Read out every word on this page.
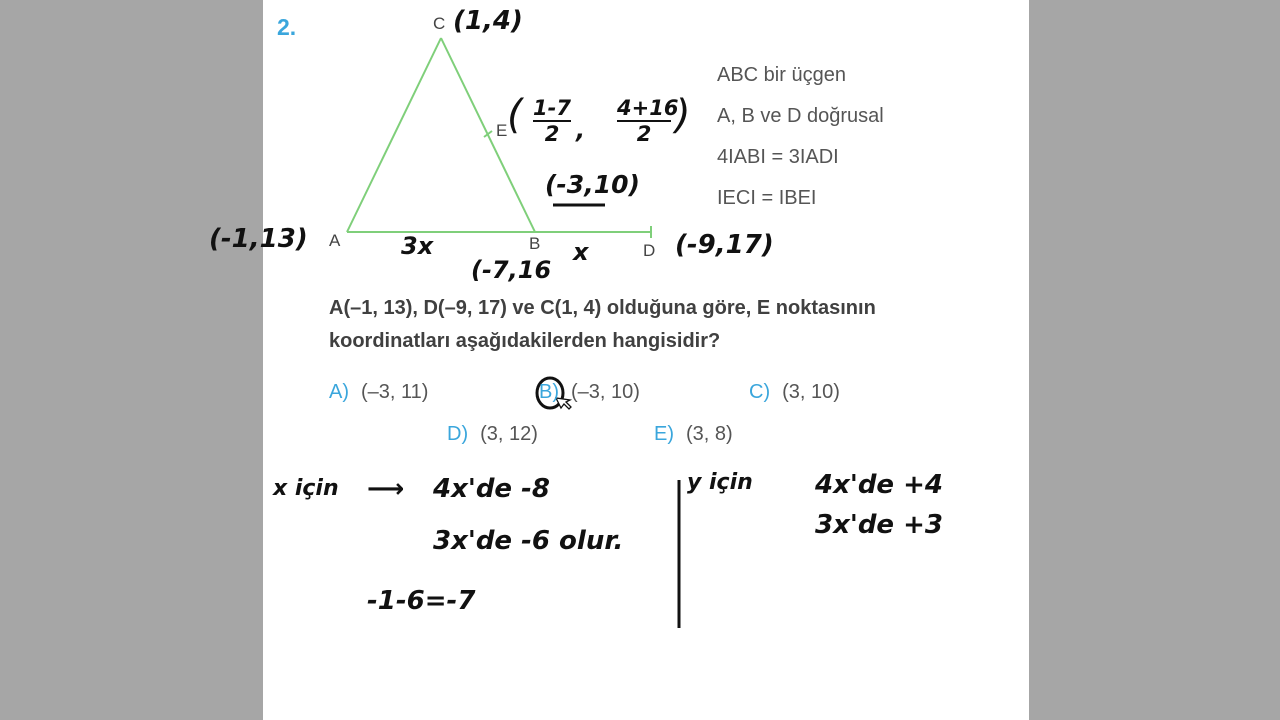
2.	C
E
A	B	D
ABC bir üçgen
A, B ve D doğrusal
4IABI = 3IADI
IECI = IBEI
(1,4)
( $\frac{1-7}{2}$ , $\frac{4+16}{2}$ )
(-3,10)
(-1,13)	(-9,17)
(-7,16
3x	x
A(–1, 13), D(–9, 17) ve C(1, 4) olduğuna göre, E noktasının
koordinatları aşağıdakilerden hangisidir?
A) (–3, 11)	B) (–3, 10)	C) (3, 10)
D) (3, 12)	E) (3, 8)
x için ⟶ 4x'de -8
3x'de -6 olur.
-1-6=-7
y için 4x'de +4
3x'de +3
